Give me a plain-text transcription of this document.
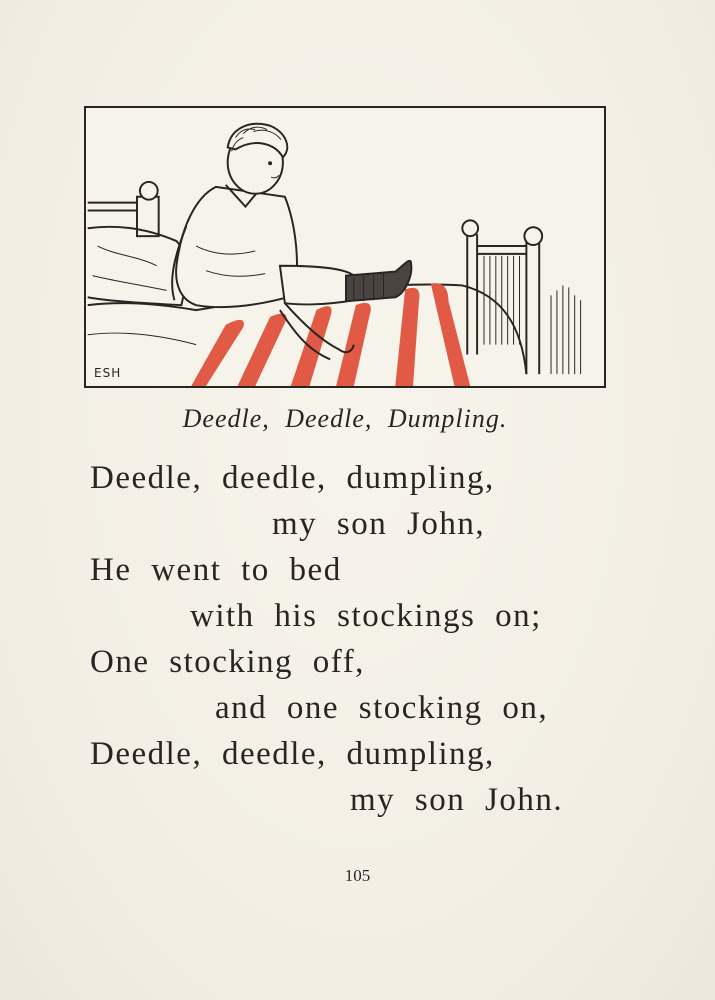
ESH
Deedle, Deedle, Dumpling.
Deedle, deedle, dumpling,
my son John,
He went to bed
with his stockings on;
One stocking off,
and one stocking on,
Deedle, deedle, dumpling,
my son John.
105
